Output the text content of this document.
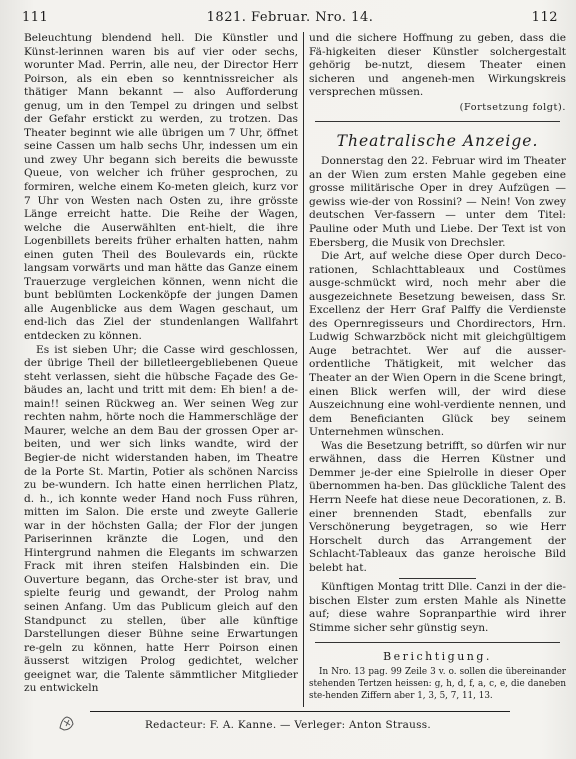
111	1821. Februar. Nro. 14.	112

Beleuchtung blendend hell. Die Künstler und Künst-lerinnen waren bis auf vier oder sechs, worunter Mad. Perrin, alle neu, der Director Herr Poirson, als ein eben so kenntnissreicher als thätiger Mann bekannt — also Aufforderung genug, um in den Tempel zu dringen und selbst der Gefahr erstickt zu werden, zu trotzen. Das Theater beginnt wie alle übrigen um 7 Uhr, öffnet seine Cassen um halb sechs Uhr, indessen um ein und zwey Uhr begann sich bereits die bewusste Queue, von welcher ich früher gesprochen, zu formiren, welche einem Ko-meten gleich, kurz vor 7 Uhr von Westen nach Osten zu, ihre grösste Länge erreicht hatte. Die Reihe der Wagen, welche die Auserwählten ent-hielt, die ihre Logenbillets bereits früher erhalten hatten, nahm einen guten Theil des Boulevards ein, rückte langsam vorwärts und man hätte das Ganze einem Trauerzuge vergleichen können, wenn nicht die bunt beblümten Lockenköpfe der jungen Damen alle Augenblicke aus dem Wagen geschaut, um end-lich das Ziel der stundenlangen Wallfahrt entdecken zu können.

Es ist sieben Uhr; die Casse wird geschlossen, der übrige Theil der billetleergebliebenen Queue steht verlassen, sieht die hübsche Façade des Ge-bäudes an, lacht und tritt mit dem: Eh bien! a de-main!! seinen Rückweg an. Wer seinen Weg zur rechten nahm, hörte noch die Hammerschläge der Maurer, welche an dem Bau der grossen Oper ar-beiten, und wer sich links wandte, wird der Begier-de nicht widerstanden haben, im Theatre de la Porte St. Martin, Potier als schönen Narciss zu be-wundern. Ich hatte einen herrlichen Platz, d. h., ich konnte weder Hand noch Fuss rühren, mitten im Salon. Die erste und zweyte Gallerie war in der höchsten Galla; der Flor der jungen Pariserinnen kränzte die Logen, und den Hintergrund nahmen die Elegants im schwarzen Frack mit ihren steifen Halsbinden ein. Die Ouverture begann, das Orche-ster ist brav, und spielte feurig und gewandt, der Prolog nahm seinen Anfang. Um das Publicum gleich auf den Standpunct zu stellen, über alle künftige Darstellungen dieser Bühne seine Erwartungen re-geln zu können, hatte Herr Poirson einen äusserst witzigen Prolog gedichtet, welcher geeignet war, die Talente sämmtlicher Mitglieder zu entwickeln

und die sichere Hoffnung zu geben, dass die Fä-higkeiten dieser Künstler solchergestalt gehörig be-nutzt, diesem Theater einen sicheren und angeneh-men Wirkungskreis versprechen müssen.

(Fortsetzung folgt).
Theatralische Anzeige.

Donnerstag den 22. Februar wird im Theater an der Wien zum ersten Mahle gegeben eine grosse militärische Oper in drey Aufzügen — gewiss wie-der von Rossini? — Nein! Von zwey deutschen Ver-fassern — unter dem Titel: Pauline oder Muth und Liebe. Der Text ist von Ebersberg, die Musik von Drechsler.

Die Art, auf welche diese Oper durch Deco-rationen, Schlachttableaux und Costümes ausge-schmückt wird, noch mehr aber die ausgezeichnete Besetzung beweisen, dass Sr. Excellenz der Herr Graf Palffy die Verdienste des Opernregisseurs und Chordirectors, Hrn. Ludwig Schwarzböck nicht mit gleichgültigem Auge betrachtet. Wer auf die ausser-ordentliche Thätigkeit, mit welcher das Theater an der Wien Opern in die Scene bringt, einen Blick werfen will, der wird diese Auszeichnung eine wohl-verdiente nennen, und dem Beneficianten Glück bey seinem Unternehmen wünschen.

Was die Besetzung betrifft, so dürfen wir nur erwähnen, dass die Herren Küstner und Demmer je-der eine Spielrolle in dieser Oper übernommen ha-ben. Das glückliche Talent des Herrn Neefe hat diese neue Decorationen, z. B. einer brennenden Stadt, ebenfalls zur Verschönerung beygetragen, so wie Herr Horschelt durch das Arrangement der Schlacht-Tableaux das ganze heroische Bild belebt hat.

Künftigen Montag tritt Dlle. Canzi in der die-bischen Elster zum ersten Mahle als Ninette auf; diese wahre Sopranparthie wird ihrer Stimme sicher sehr günstig seyn.

Berichtigung.

In Nro. 13 pag. 99 Zeile 3 v. o. sollen die übereinander stehenden Tertzen heissen: g, h, d, f, a, c, e, die daneben ste-henden Ziffern aber 1, 3, 5, 7, 11, 13.

Redacteur: F. A. Kanne. — Verleger: Anton Strauss.
